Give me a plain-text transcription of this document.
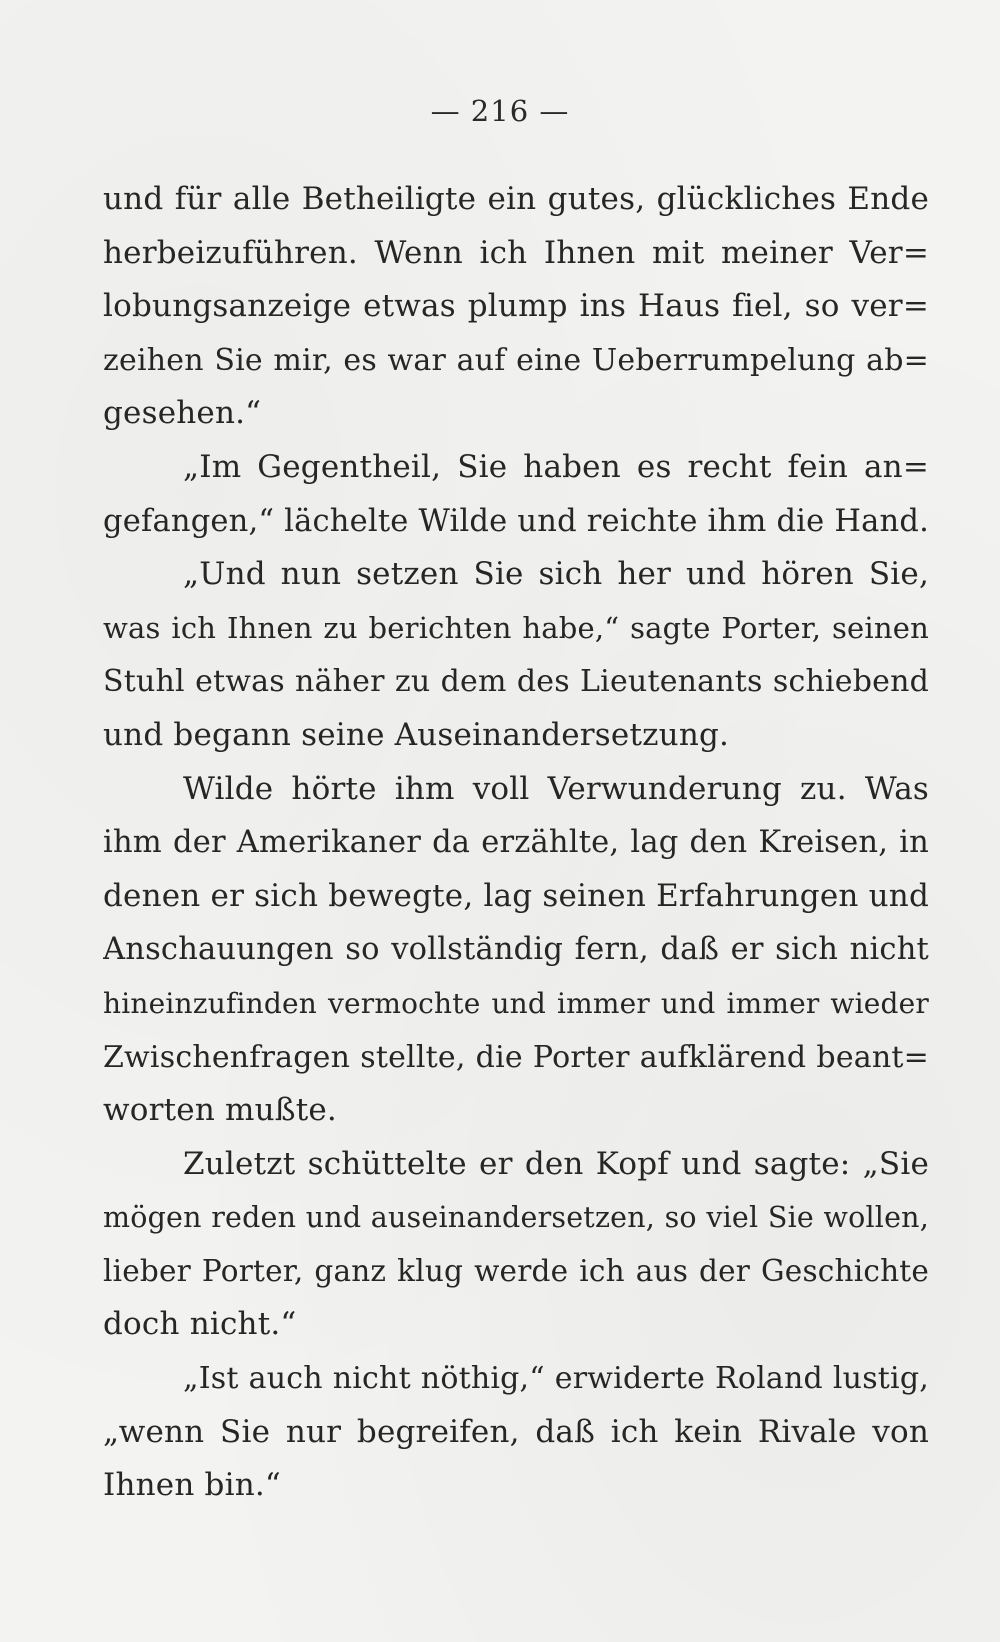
— 216 —
und für alle Betheiligte ein gutes, glückliches Ende
herbeizuführen. Wenn ich Ihnen mit meiner Ver=
lobungsanzeige etwas plump ins Haus fiel, so ver=
zeihen Sie mir, es war auf eine Ueberrumpelung ab=
gesehen.“
„Im Gegentheil, Sie haben es recht fein an=
gefangen,“ lächelte Wilde und reichte ihm die Hand.
„Und nun setzen Sie sich her und hören Sie,
was ich Ihnen zu berichten habe,“ sagte Porter, seinen
Stuhl etwas näher zu dem des Lieutenants schiebend
und begann seine Auseinandersetzung.
Wilde hörte ihm voll Verwunderung zu. Was
ihm der Amerikaner da erzählte, lag den Kreisen, in
denen er sich bewegte, lag seinen Erfahrungen und
Anschauungen so vollständig fern, daß er sich nicht
hineinzufinden vermochte und immer und immer wieder
Zwischenfragen stellte, die Porter aufklärend beant=
worten mußte.
Zuletzt schüttelte er den Kopf und sagte: „Sie
mögen reden und auseinandersetzen, so viel Sie wollen,
lieber Porter, ganz klug werde ich aus der Geschichte
doch nicht.“
„Ist auch nicht nöthig,“ erwiderte Roland lustig,
„wenn Sie nur begreifen, daß ich kein Rivale von
Ihnen bin.“
